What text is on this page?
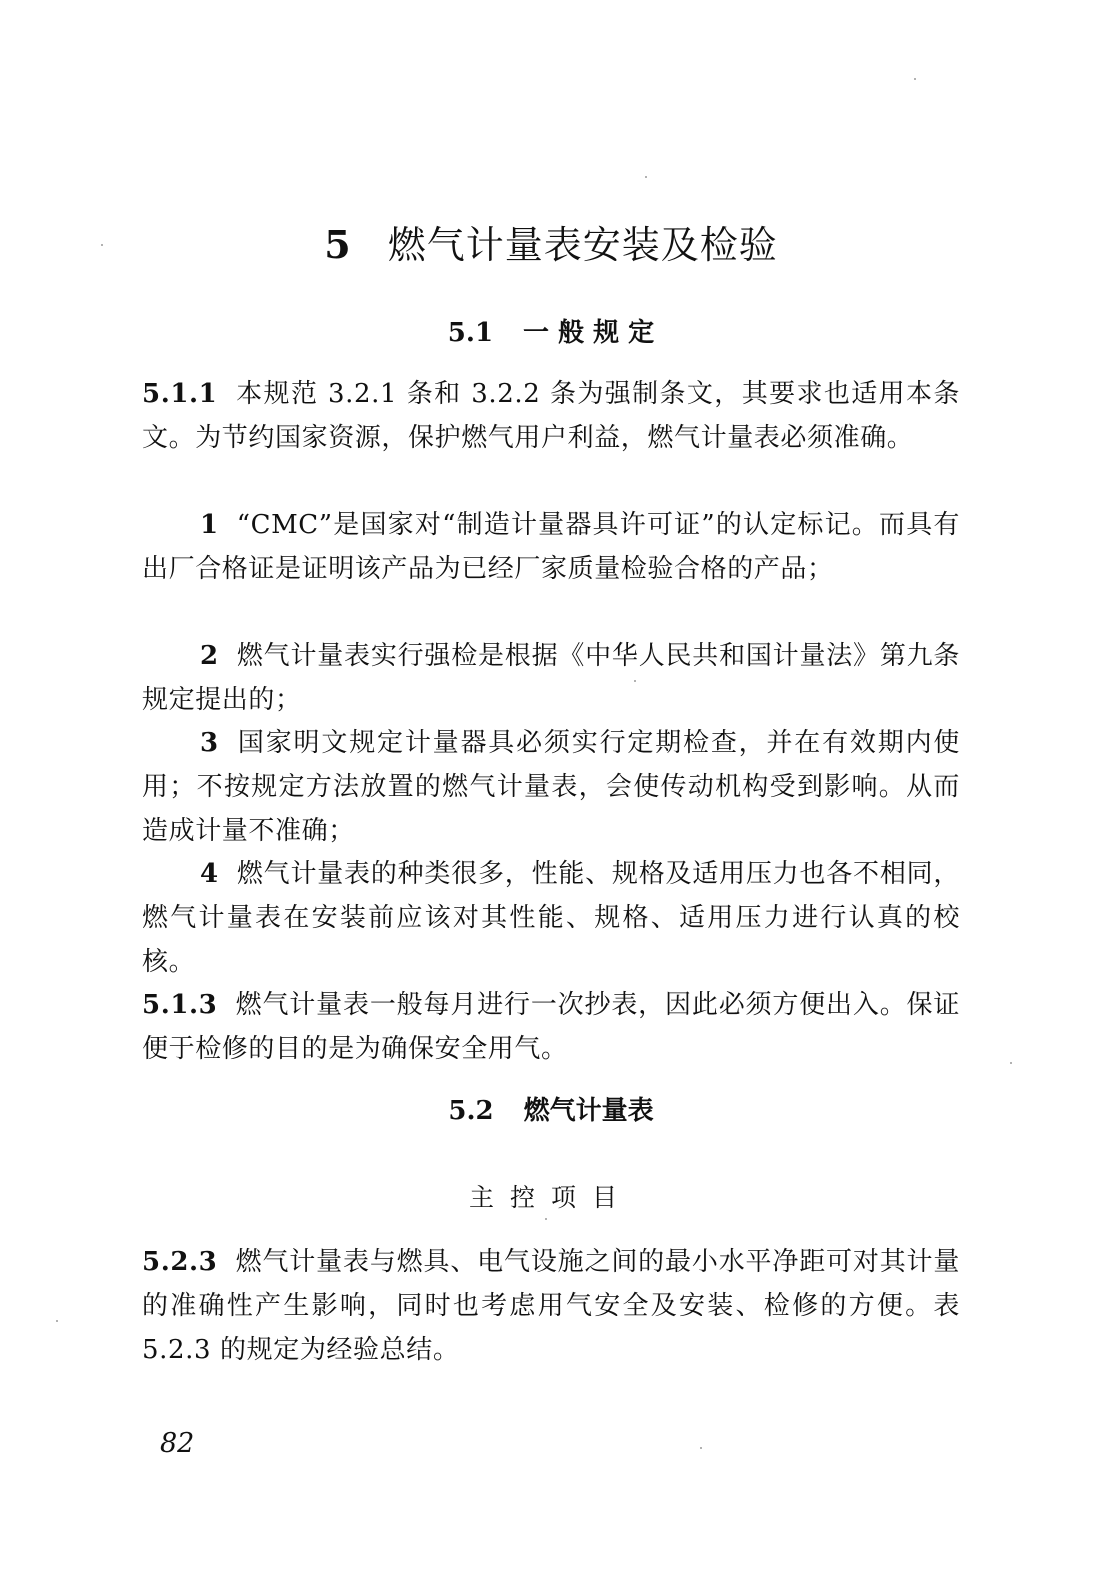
5 燃气计量表安装及检验
5.1 一 般 规 定
5.1.1 本规范 3.2.1 条和 3.2.2 条为强制条文，其要求也适用本条文。为节约国家资源，保护燃气用户利益，燃气计量表必须准确。
1 “CMC”是国家对“制造计量器具许可证”的认定标记。而具有出厂合格证是证明该产品为已经厂家质量检验合格的产品；
2 燃气计量表实行强检是根据《中华人民共和国计量法》第九条规定提出的；
3 国家明文规定计量器具必须实行定期检查，并在有效期内使用；不按规定方法放置的燃气计量表，会使传动机构受到影响。从而造成计量不准确；
4 燃气计量表的种类很多，性能、规格及适用压力也各不相同，燃气计量表在安装前应该对其性能、规格、适用压力进行认真的校核。
5.1.3 燃气计量表一般每月进行一次抄表，因此必须方便出入。保证便于检修的目的是为确保安全用气。
5.2 燃气计量表
主控项目
5.2.3 燃气计量表与燃具、电气设施之间的最小水平净距可对其计量的准确性产生影响，同时也考虑用气安全及安装、检修的方便。表 5.2.3 的规定为经验总结。
82
